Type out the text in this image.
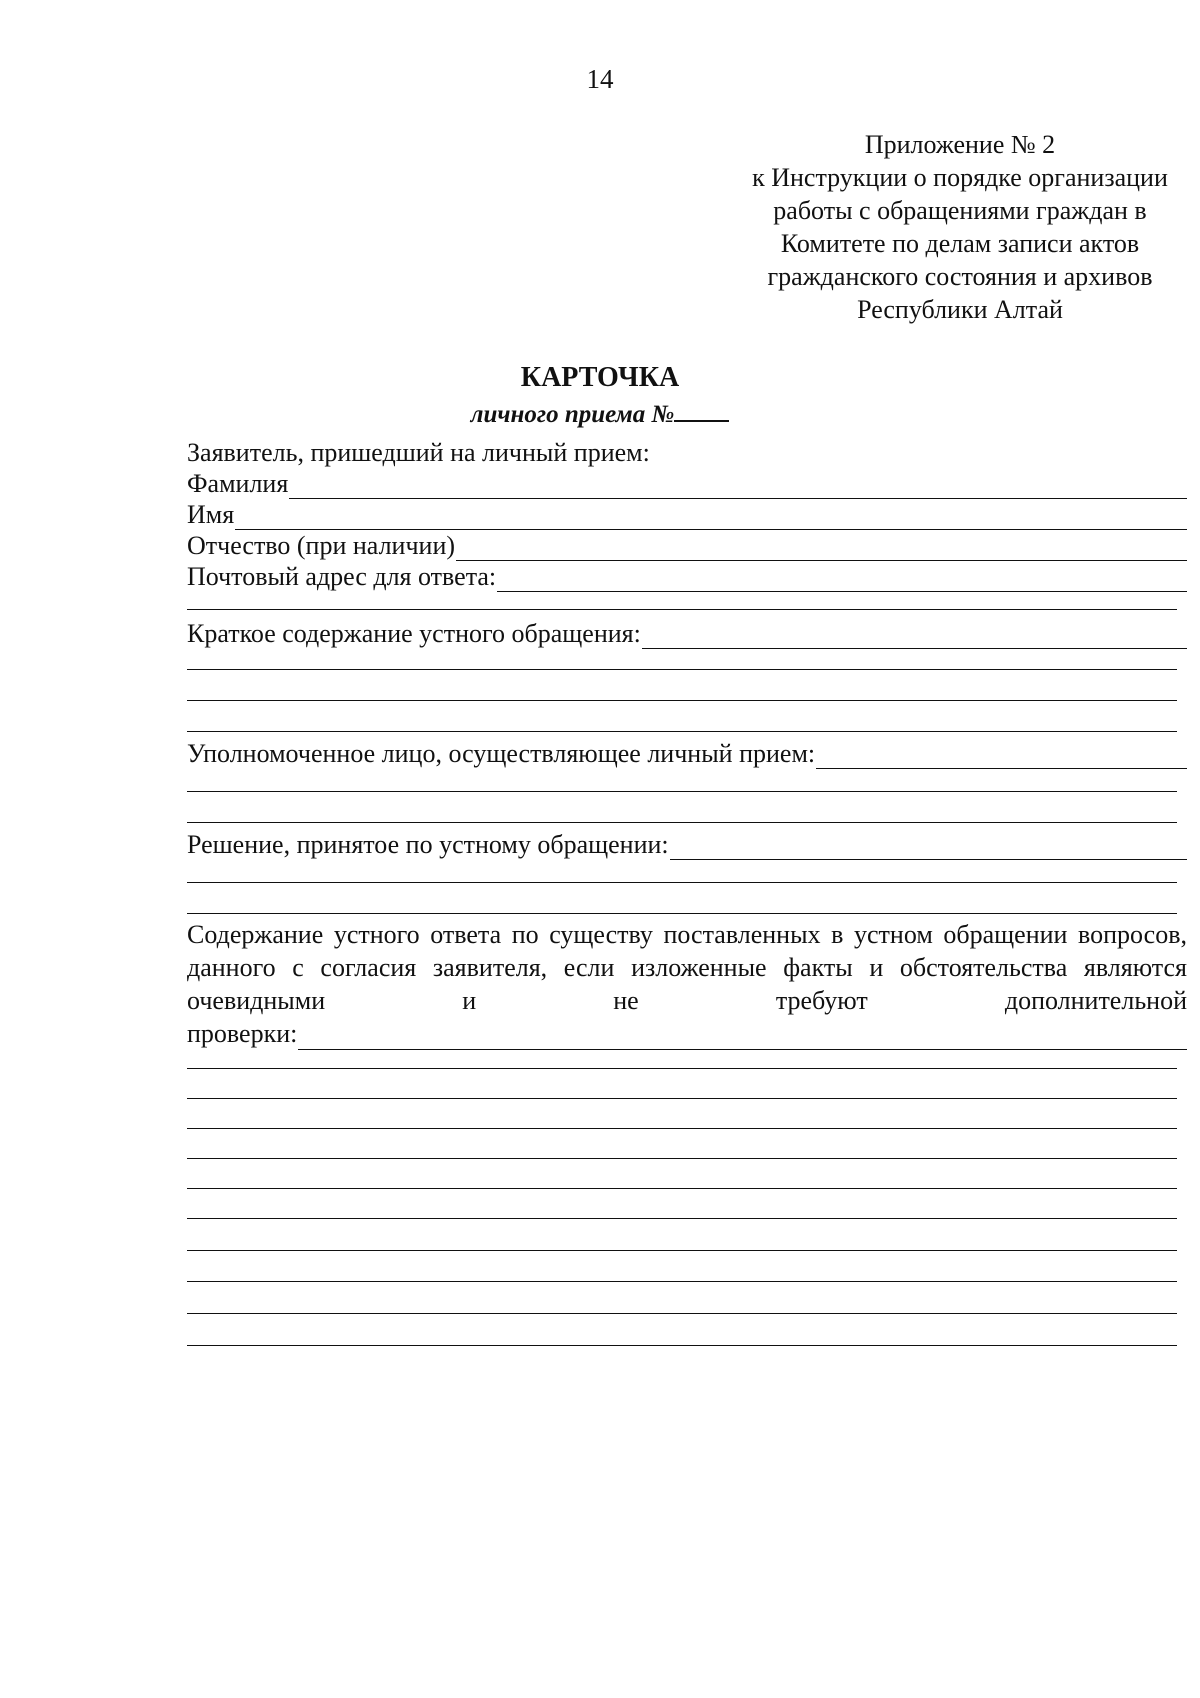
14
Приложение № 2
к Инструкции о порядке организации
работы с обращениями граждан в
Комитете по делам записи актов
гражданского состояния и архивов
Республики Алтай
КАРТОЧКА
личного приема №
Заявитель, пришедший на личный прием:
Фамилия
Имя
Отчество (при наличии)
Почтовый адрес для ответа:
Краткое содержание устного обращения:
Уполномоченное лицо, осуществляющее личный прием:
Решение, принятое по устному обращении:
Содержание устного ответа по существу поставленных в устном обращении вопросов, данного с согласия заявителя, если изложенные факты и обстоятельства являются очевидными и не требуют дополнительной
проверки:
